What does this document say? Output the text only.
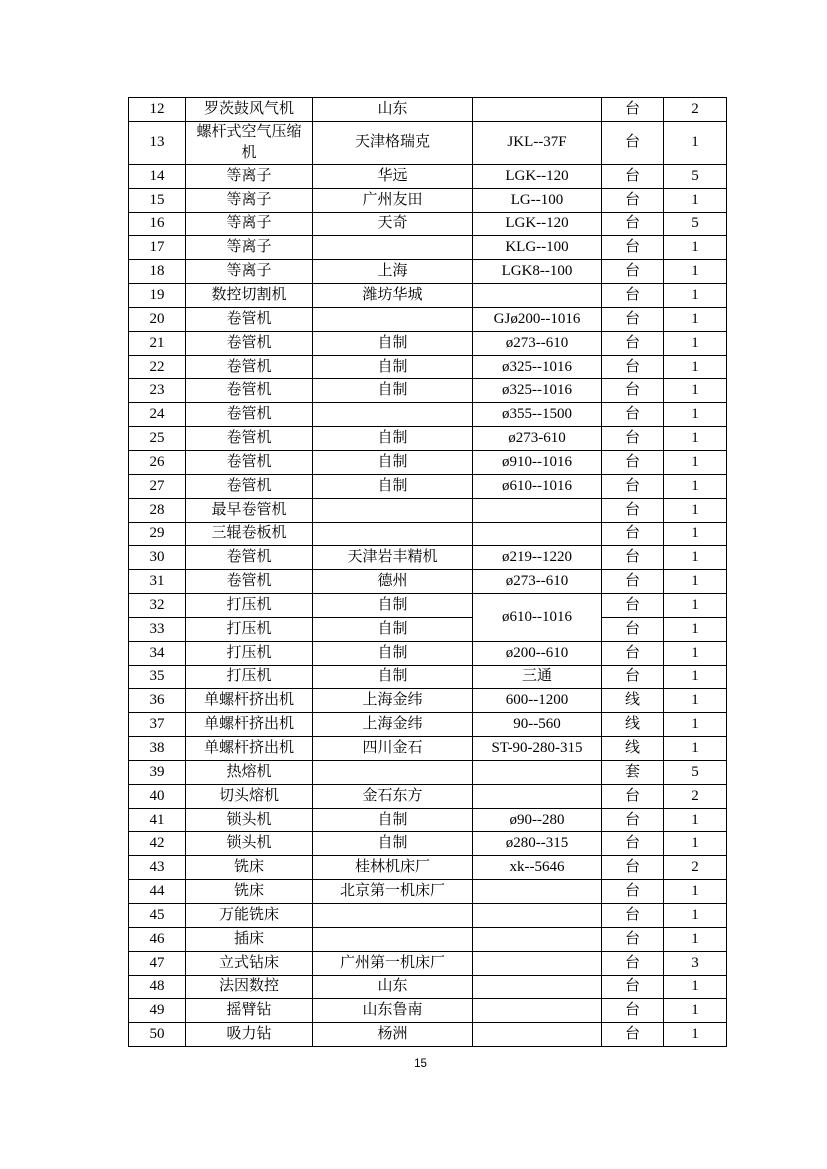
12	罗茨鼓风气机	山东		台	2
13	螺杆式空气压缩机	天津格瑞克	JKL--37F	台	1
14	等离子	华远	LGK--120	台	5
15	等离子	广州友田	LG--100	台	1
16	等离子	天奇	LGK--120	台	5
17	等离子		KLG--100	台	1
18	等离子	上海	LGK8--100	台	1
19	数控切割机	潍坊华城		台	1
20	卷管机		GJø200--1016	台	1
21	卷管机	自制	ø273--610	台	1
22	卷管机	自制	ø325--1016	台	1
23	卷管机	自制	ø325--1016	台	1
24	卷管机		ø355--1500	台	1
25	卷管机	自制	ø273-610	台	1
26	卷管机	自制	ø910--1016	台	1
27	卷管机	自制	ø610--1016	台	1
28	最早卷管机			台	1
29	三辊卷板机			台	1
30	卷管机	天津岩丰精机	ø219--1220	台	1
31	卷管机	德州	ø273--610	台	1
32	打压机	自制	ø610--1016	台	1
33	打压机	自制		台	1
34	打压机	自制	ø200--610	台	1
35	打压机	自制	三通	台	1
36	单螺杆挤出机	上海金纬	600--1200	线	1
37	单螺杆挤出机	上海金纬	90--560	线	1
38	单螺杆挤出机	四川金石	ST-90-280-315	线	1
39	热熔机			套	5
40	切头熔机	金石东方		台	2
41	锁头机	自制	ø90--280	台	1
42	锁头机	自制	ø280--315	台	1
43	铣床	桂林机床厂	xk--5646	台	2
44	铣床	北京第一机床厂		台	1
45	万能铣床			台	1
46	插床			台	1
47	立式钻床	广州第一机床厂		台	3
48	法因数控	山东		台	1
49	摇臂钻	山东鲁南		台	1
50	吸力钻	杨洲		台	1
15
